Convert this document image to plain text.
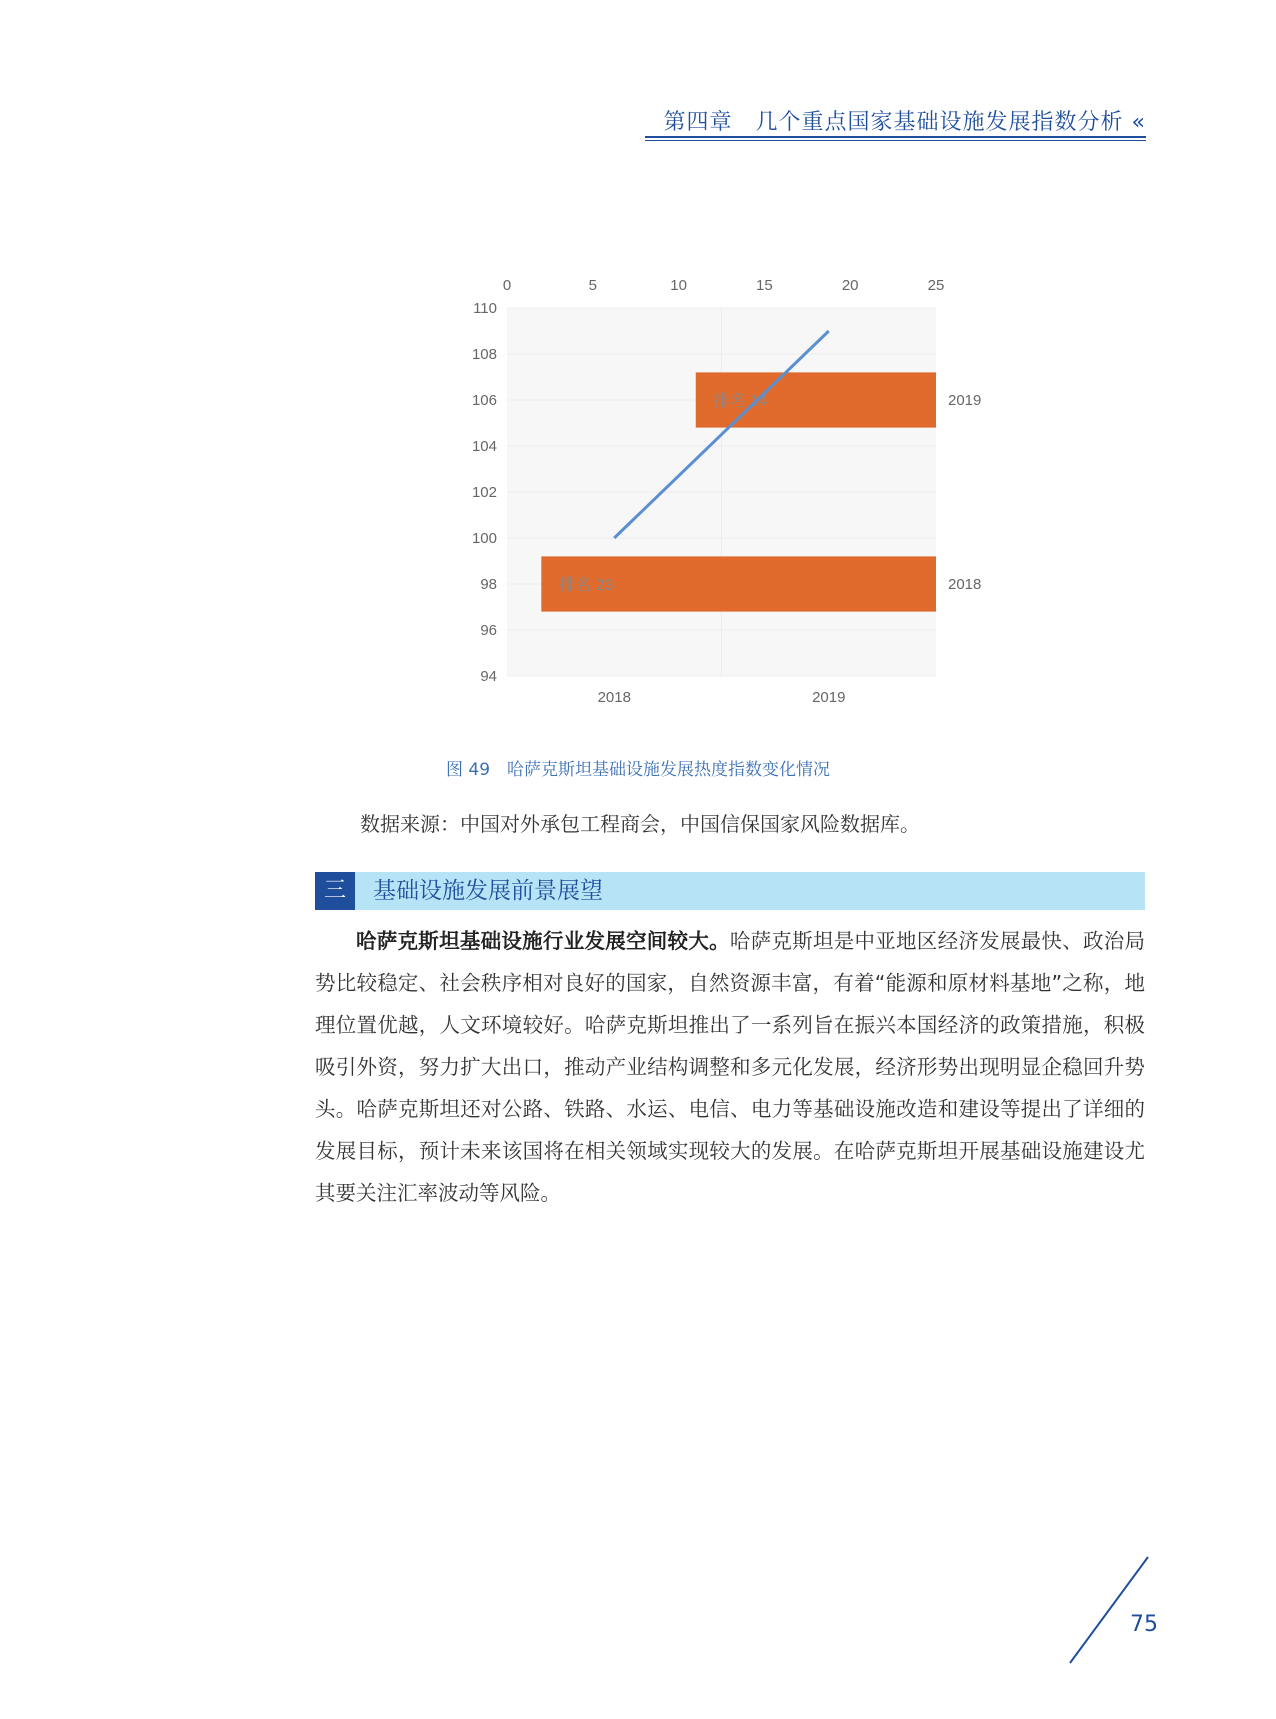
第四章　几个重点国家基础设施发展指数分析 «
110
108
106
104
102
100
98
96
94
0	5	10	15	20	25
2018	2019
排名 14	2019
排名 23	2018
图 49　哈萨克斯坦基础设施发展热度指数变化情况
数据来源：中国对外承包工程商会，中国信保国家风险数据库。
三	基础设施发展前景展望

哈萨克斯坦基础设施行业发展空间较大。哈萨克斯坦是中亚地区经济发展最快、政治局势比较稳定、社会秩序相对良好的国家，自然资源丰富，有着“能源和原材料基地”之称，地理位置优越，人文环境较好。哈萨克斯坦推出了一系列旨在振兴本国经济的政策措施，积极吸引外资，努力扩大出口，推动产业结构调整和多元化发展，经济形势出现明显企稳回升势头。哈萨克斯坦还对公路、铁路、水运、电信、电力等基础设施改造和建设等提出了详细的发展目标，预计未来该国将在相关领域实现较大的发展。在哈萨克斯坦开展基础设施建设尤其要关注汇率波动等风险。

75
